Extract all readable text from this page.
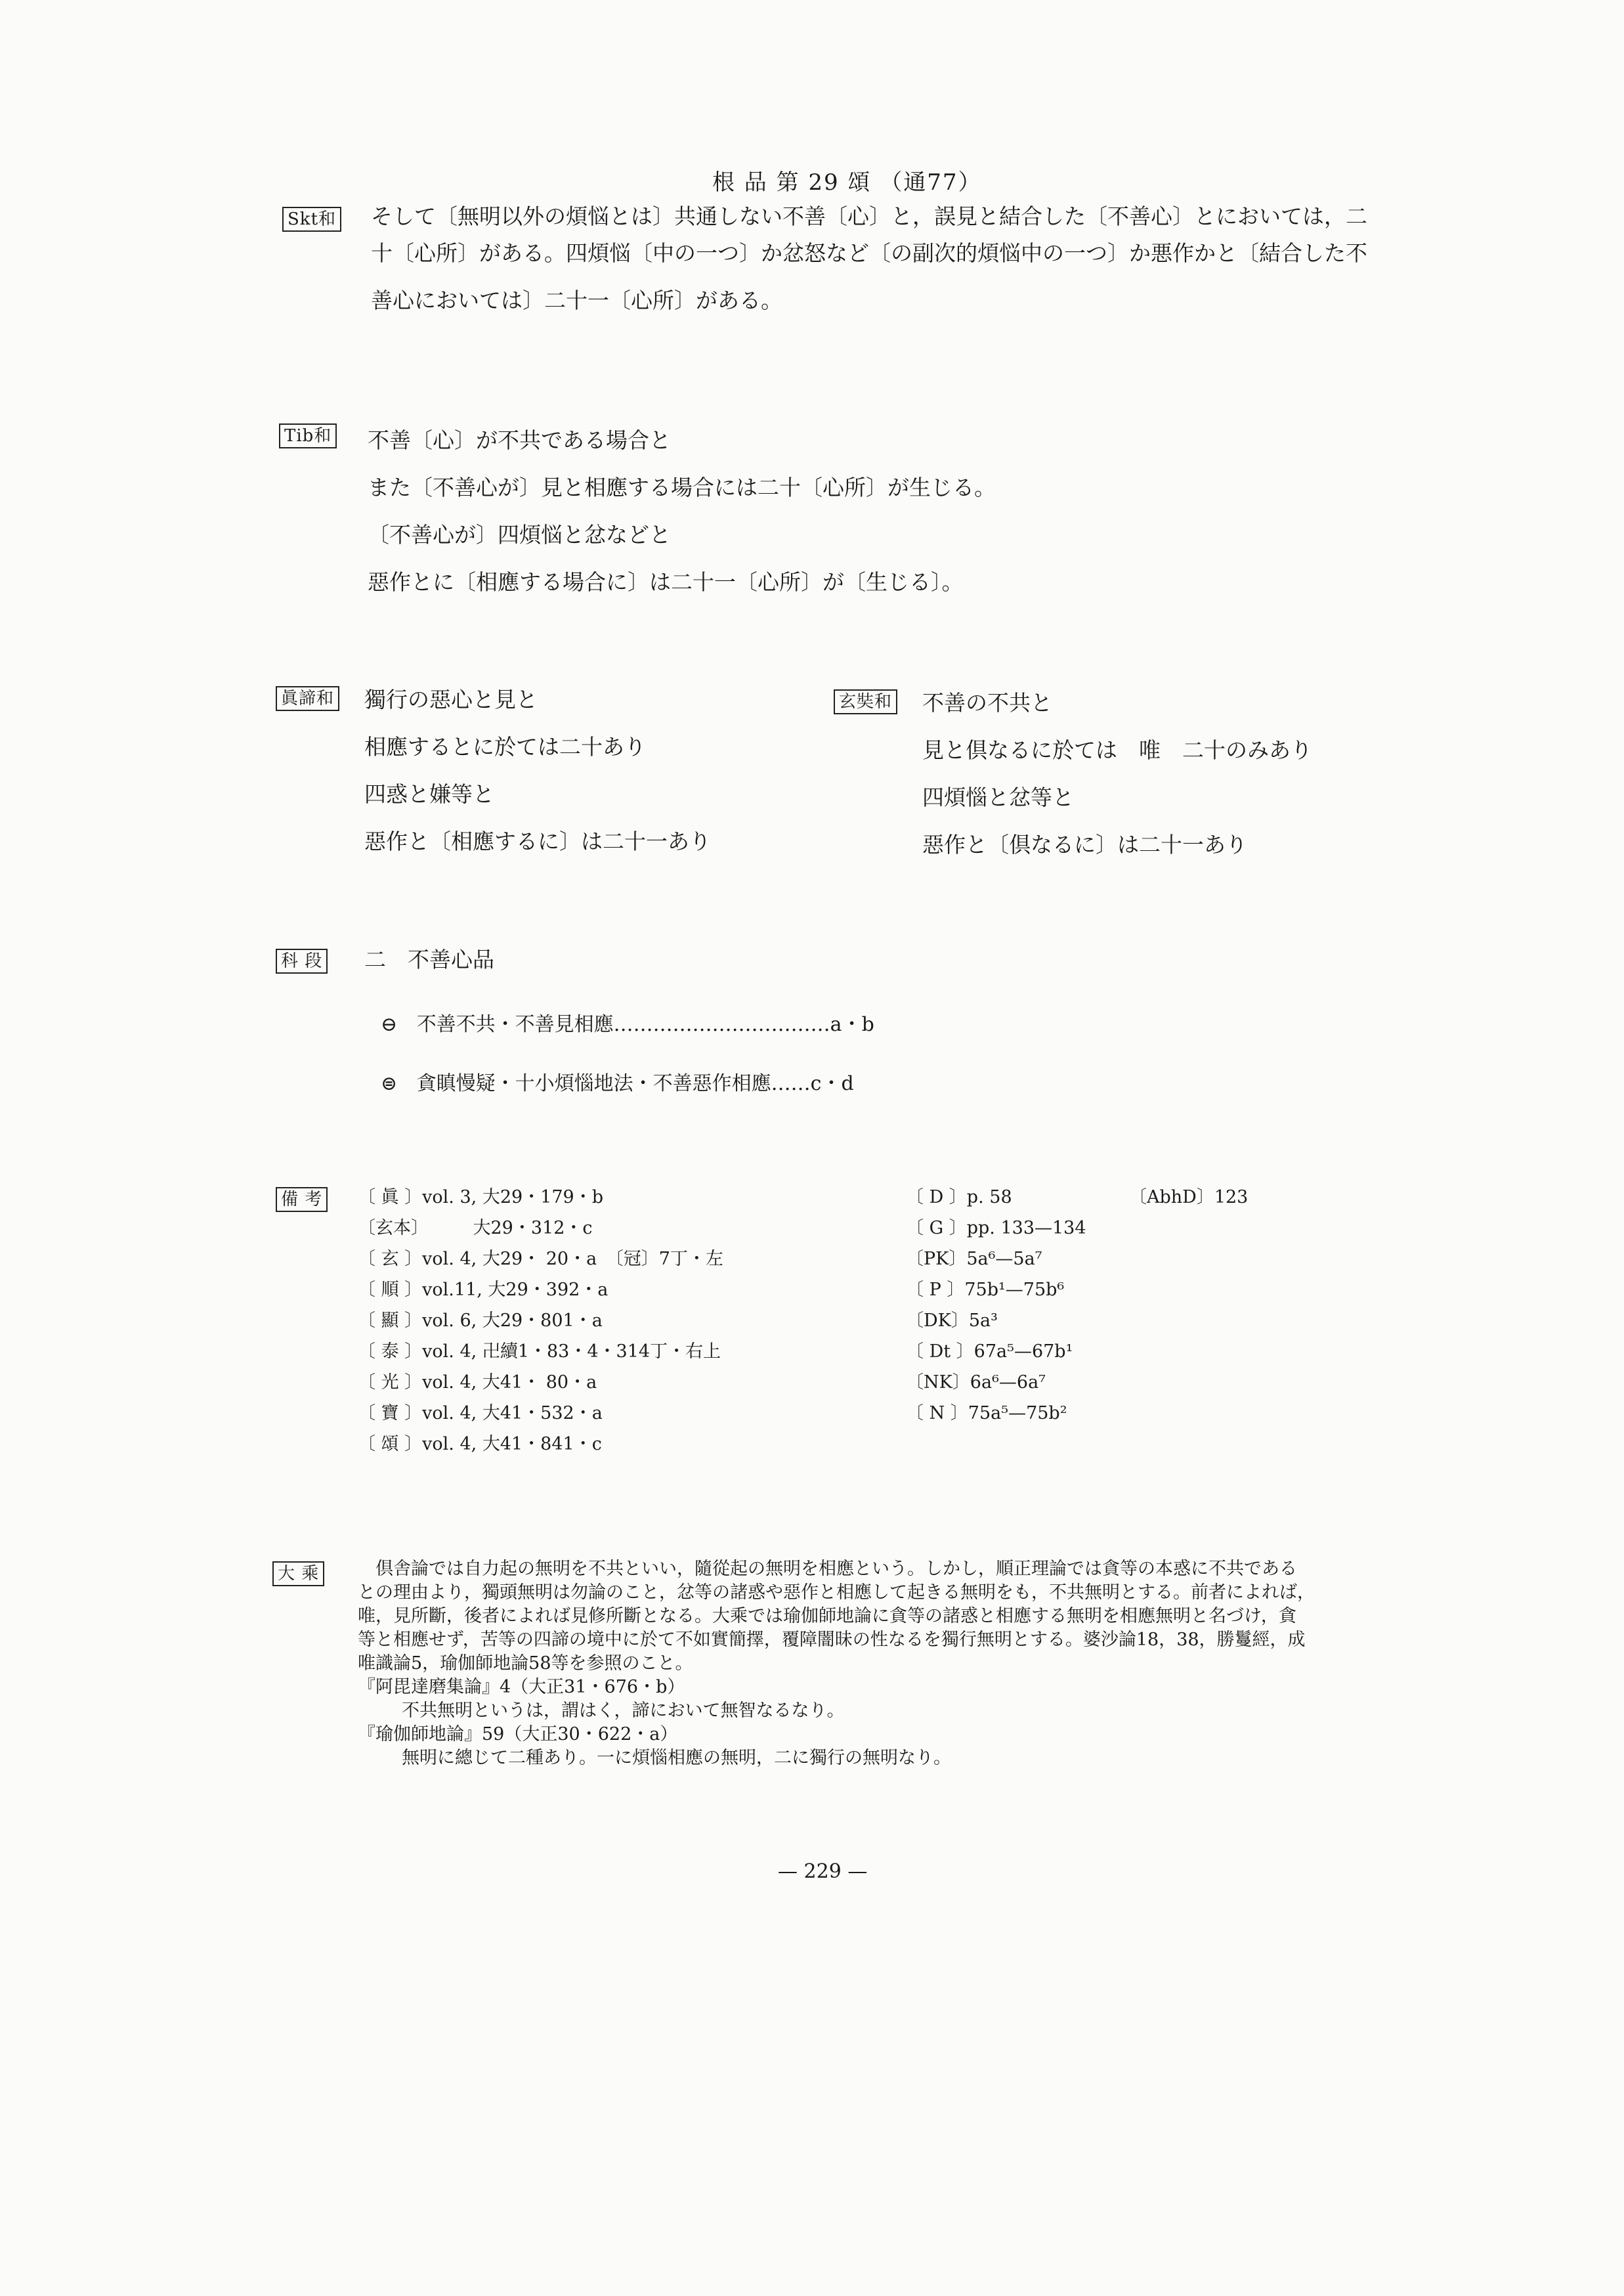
根 品 第 29 頌 （通77）
Skt和 そして〔無明以外の煩悩とは〕共通しない不善〔心〕と，誤見と結合した〔不善心〕とにおいては，二
十〔心所〕がある。四煩悩〔中の一つ〕か忿怒など〔の副次的煩悩中の一つ〕か悪作かと〔結合した不
善心においては〕二十一〔心所〕がある。
Tib和 不善〔心〕が不共である場合と
また〔不善心が〕見と相應する場合には二十〔心所〕が生じる。
〔不善心が〕四煩悩と忿などと
惡作とに〔相應する場合に〕は二十一〔心所〕が〔生じる〕。
眞諦和 獨行の惡心と見と
相應するとに於ては二十あり
四惑と嫌等と
惡作と〔相應するに〕は二十一あり
玄奘和 不善の不共と
見と倶なるに於ては　唯　二十のみあり
四煩惱と忿等と
惡作と〔倶なるに〕は二十一あり
科 段 二　不善心品
⊖ 不善不共・不善見相應……………………………a・b
⊜ 貪瞋慢疑・十小煩惱地法・不善惡作相應……c・d
備 考 〔 眞 〕vol. 3, 大29・179・b
〔玄本〕　　　大29・312・c
〔 玄 〕vol. 4, 大29・ 20・a　〔冠〕7丁・左
〔 順 〕vol.11, 大29・392・a
〔 顯 〕vol. 6, 大29・801・a
〔 泰 〕vol. 4, 卍續1・83・4・314丁・右上
〔 光 〕vol. 4, 大41・ 80・a
〔 寶 〕vol. 4, 大41・532・a
〔 頌 〕vol. 4, 大41・841・c
〔 D 〕p. 58
〔 G 〕pp. 133—134
〔PK〕5a⁶—5a⁷
〔 P 〕75b¹—75b⁶
〔DK〕5a³
〔 Dt 〕67a⁵—67b¹
〔NK〕6a⁶—6a⁷
〔 N 〕75a⁵—75b²
〔AbhD〕123
大 乘 　倶舎論では自力起の無明を不共といい，隨從起の無明を相應という。しかし，順正理論では貪等の本惑に不共である
との理由より，獨頭無明は勿論のこと，忿等の諸惑や惡作と相應して起きる無明をも，不共無明とする。前者によれば，
唯，見所斷，後者によれば見修所斷となる。大乘では瑜伽師地論に貪等の諸惑と相應する無明を相應無明と名づけ，貪
等と相應せず，苦等の四諦の境中に於て不如實簡擇，覆障闇昧の性なるを獨行無明とする。婆沙論18，38，勝鬘經，成
唯識論5，瑜伽師地論58等を参照のこと。
『阿毘達磨集論』4（大正31・676・b）
　不共無明というは，謂はく，諦において無智なるなり。
『瑜伽師地論』59（大正30・622・a）
　無明に總じて二種あり。一に煩惱相應の無明，二に獨行の無明なり。
— 229 —
